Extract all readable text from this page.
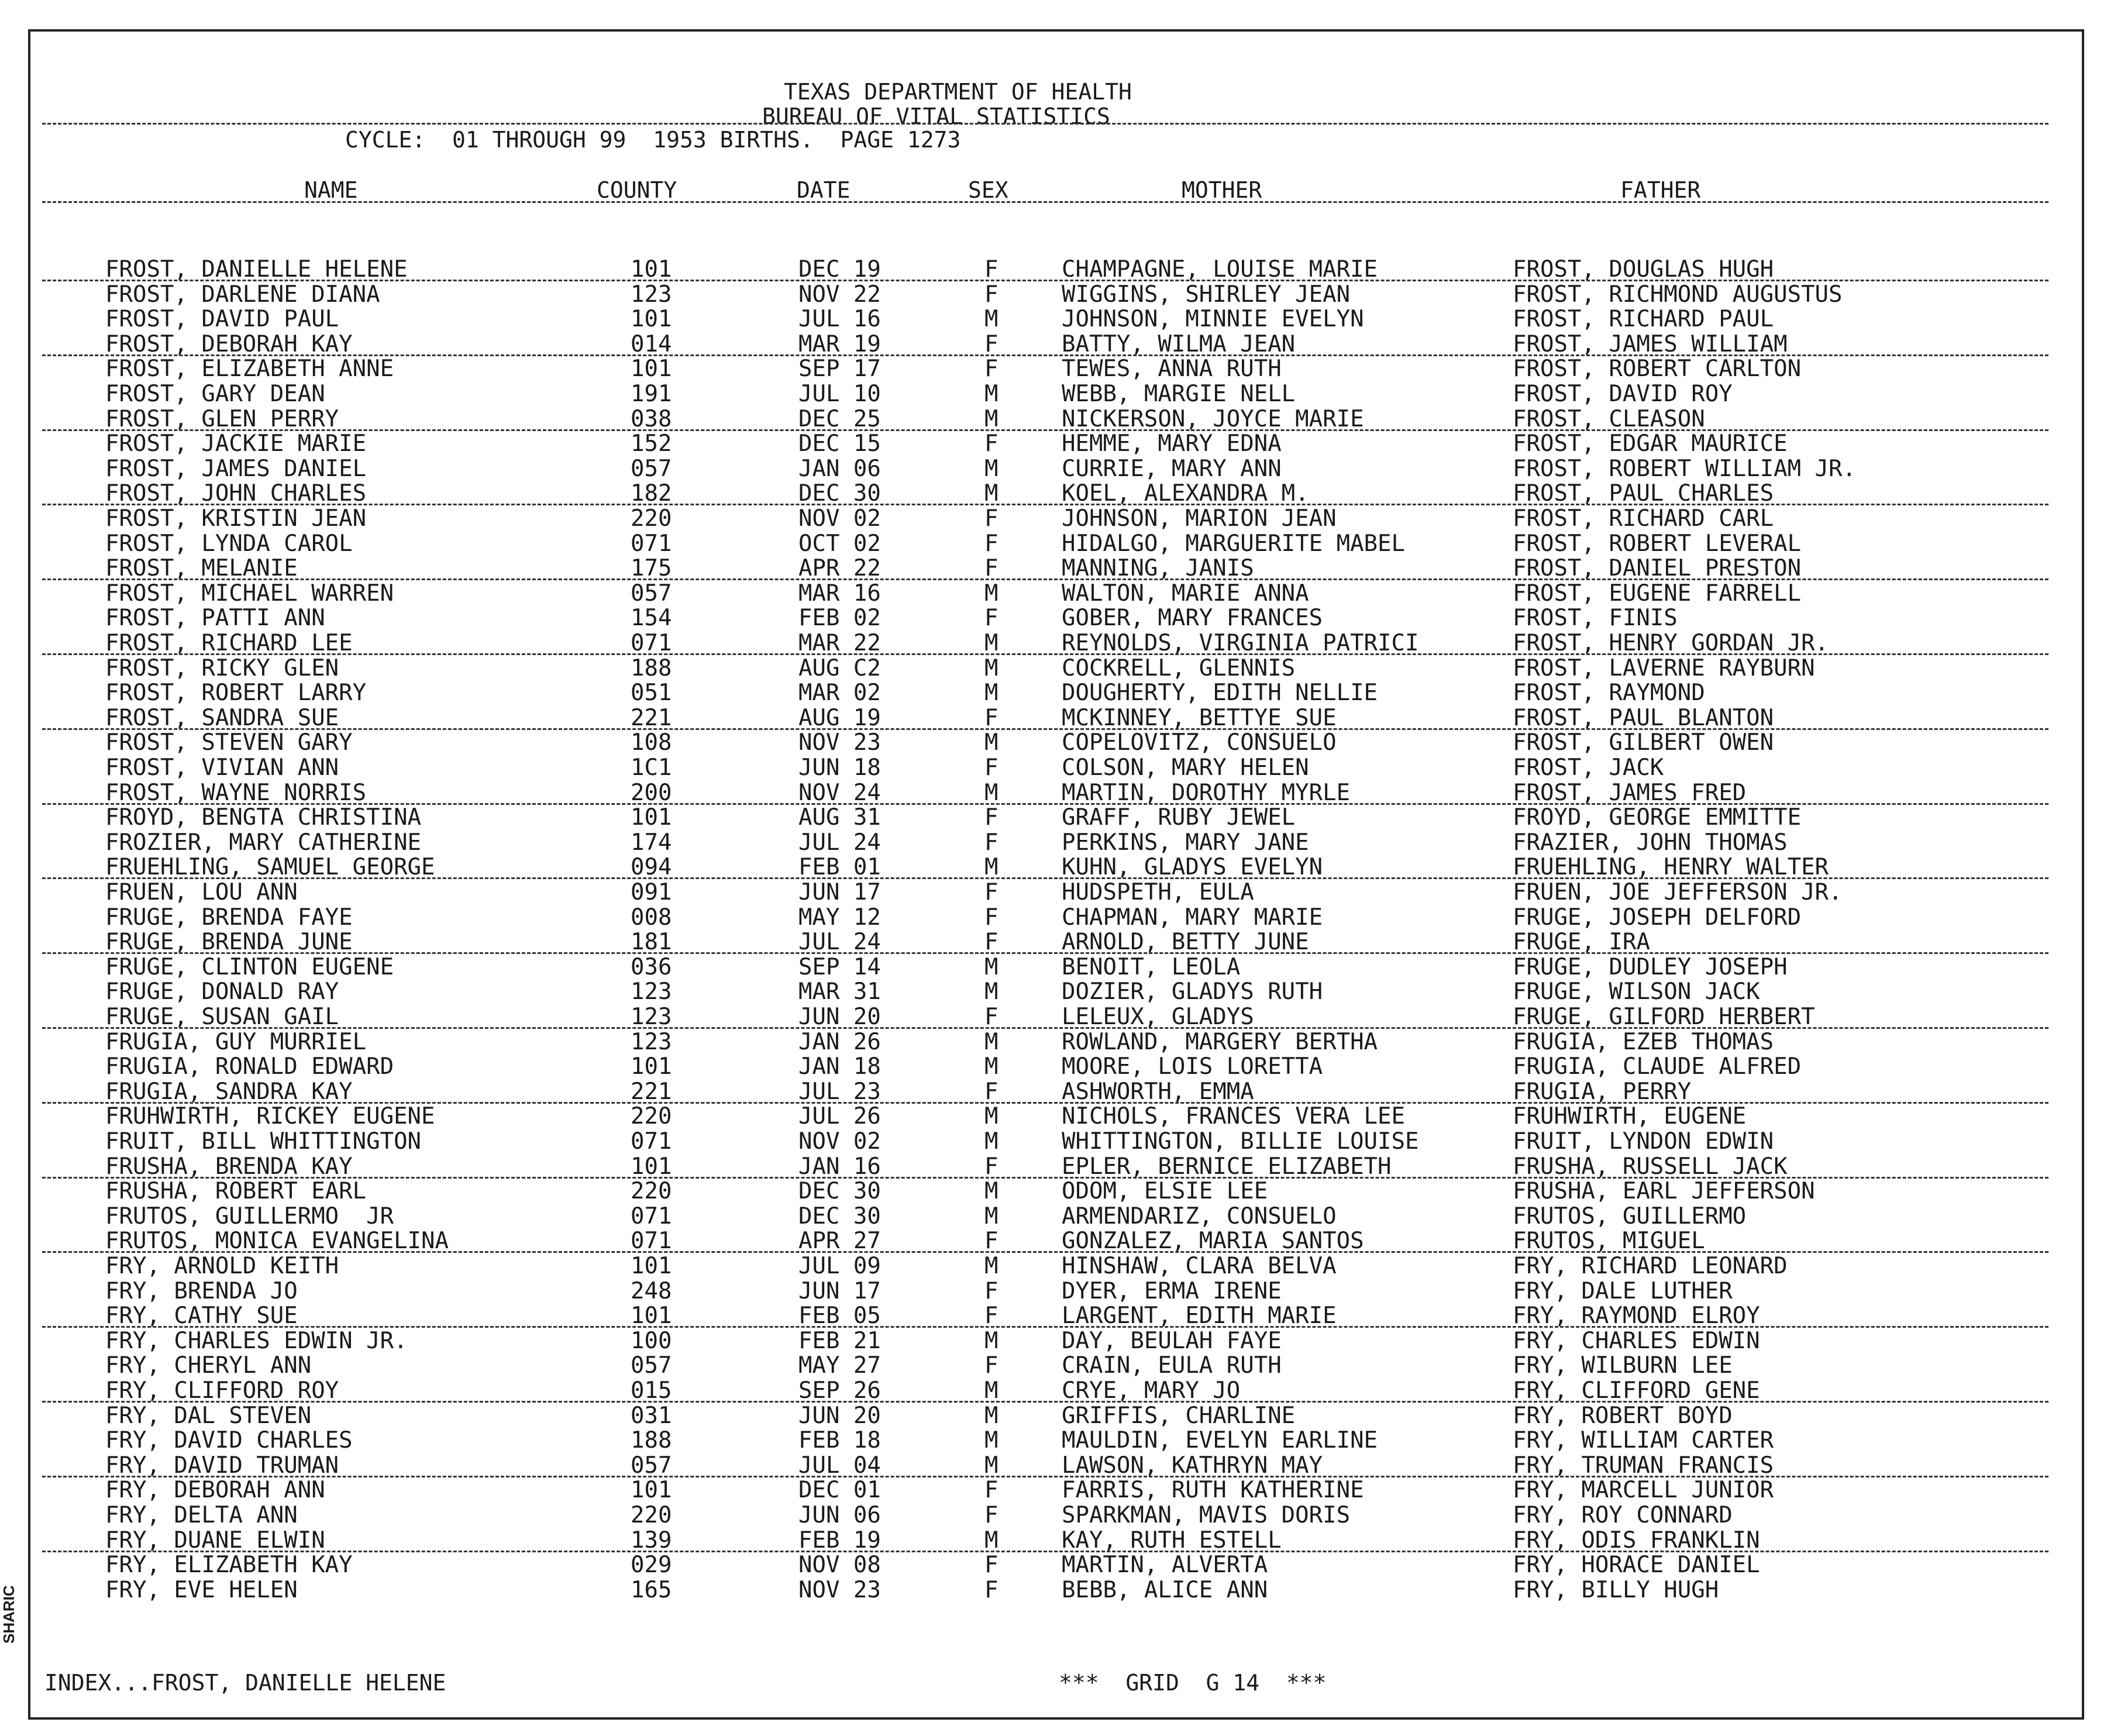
TEXAS DEPARTMENT OF HEALTH
BUREAU OF VITAL STATISTICS
CYCLE:  01 THROUGH 99  1953 BIRTHS.  PAGE 1273
NAME	COUNTY	DATE	SEX	MOTHER	FATHER
FROST, DANIELLE HELENE	101	DEC 19	F	CHAMPAGNE, LOUISE MARIE	FROST, DOUGLAS HUGH
FROST, DARLENE DIANA	123	NOV 22	F	WIGGINS, SHIRLEY JEAN	FROST, RICHMOND AUGUSTUS
FROST, DAVID PAUL	101	JUL 16	M	JOHNSON, MINNIE EVELYN	FROST, RICHARD PAUL
FROST, DEBORAH KAY	014	MAR 19	F	BATTY, WILMA JEAN	FROST, JAMES WILLIAM
FROST, ELIZABETH ANNE	101	SEP 17	F	TEWES, ANNA RUTH	FROST, ROBERT CARLTON
FROST, GARY DEAN	191	JUL 10	M	WEBB, MARGIE NELL	FROST, DAVID ROY
FROST, GLEN PERRY	038	DEC 25	M	NICKERSON, JOYCE MARIE	FROST, CLEASON
FROST, JACKIE MARIE	152	DEC 15	F	HEMME, MARY EDNA	FROST, EDGAR MAURICE
FROST, JAMES DANIEL	057	JAN 06	M	CURRIE, MARY ANN	FROST, ROBERT WILLIAM JR.
FROST, JOHN CHARLES	182	DEC 30	M	KOEL, ALEXANDRA M.	FROST, PAUL CHARLES
FROST, KRISTIN JEAN	220	NOV 02	F	JOHNSON, MARION JEAN	FROST, RICHARD CARL
FROST, LYNDA CAROL	071	OCT 02	F	HIDALGO, MARGUERITE MABEL	FROST, ROBERT LEVERAL
FROST, MELANIE	175	APR 22	F	MANNING, JANIS	FROST, DANIEL PRESTON
FROST, MICHAEL WARREN	057	MAR 16	M	WALTON, MARIE ANNA	FROST, EUGENE FARRELL
FROST, PATTI ANN	154	FEB 02	F	GOBER, MARY FRANCES	FROST, FINIS
FROST, RICHARD LEE	071	MAR 22	M	REYNOLDS, VIRGINIA PATRICI	FROST, HENRY GORDAN JR.
FROST, RICKY GLEN	188	AUG C2	M	COCKRELL, GLENNIS	FROST, LAVERNE RAYBURN
FROST, ROBERT LARRY	051	MAR 02	M	DOUGHERTY, EDITH NELLIE	FROST, RAYMOND
FROST, SANDRA SUE	221	AUG 19	F	MCKINNEY, BETTYE SUE	FROST, PAUL BLANTON
FROST, STEVEN GARY	108	NOV 23	M	COPELOVITZ, CONSUELO	FROST, GILBERT OWEN
FROST, VIVIAN ANN	1C1	JUN 18	F	COLSON, MARY HELEN	FROST, JACK
FROST, WAYNE NORRIS	200	NOV 24	M	MARTIN, DOROTHY MYRLE	FROST, JAMES FRED
FROYD, BENGTA CHRISTINA	101	AUG 31	F	GRAFF, RUBY JEWEL	FROYD, GEORGE EMMITTE
FROZIER, MARY CATHERINE	174	JUL 24	F	PERKINS, MARY JANE	FRAZIER, JOHN THOMAS
FRUEHLING, SAMUEL GEORGE	094	FEB 01	M	KUHN, GLADYS EVELYN	FRUEHLING, HENRY WALTER
FRUEN, LOU ANN	091	JUN 17	F	HUDSPETH, EULA	FRUEN, JOE JEFFERSON JR.
FRUGE, BRENDA FAYE	008	MAY 12	F	CHAPMAN, MARY MARIE	FRUGE, JOSEPH DELFORD
FRUGE, BRENDA JUNE	181	JUL 24	F	ARNOLD, BETTY JUNE	FRUGE, IRA
FRUGE, CLINTON EUGENE	036	SEP 14	M	BENOIT, LEOLA	FRUGE, DUDLEY JOSEPH
FRUGE, DONALD RAY	123	MAR 31	M	DOZIER, GLADYS RUTH	FRUGE, WILSON JACK
FRUGE, SUSAN GAIL	123	JUN 20	F	LELEUX, GLADYS	FRUGE, GILFORD HERBERT
FRUGIA, GUY MURRIEL	123	JAN 26	M	ROWLAND, MARGERY BERTHA	FRUGIA, EZEB THOMAS
FRUGIA, RONALD EDWARD	101	JAN 18	M	MOORE, LOIS LORETTA	FRUGIA, CLAUDE ALFRED
FRUGIA, SANDRA KAY	221	JUL 23	F	ASHWORTH, EMMA	FRUGIA, PERRY
FRUHWIRTH, RICKEY EUGENE	220	JUL 26	M	NICHOLS, FRANCES VERA LEE	FRUHWIRTH, EUGENE
FRUIT, BILL WHITTINGTON	071	NOV 02	M	WHITTINGTON, BILLIE LOUISE	FRUIT, LYNDON EDWIN
FRUSHA, BRENDA KAY	101	JAN 16	F	EPLER, BERNICE ELIZABETH	FRUSHA, RUSSELL JACK
FRUSHA, ROBERT EARL	220	DEC 30	M	ODOM, ELSIE LEE	FRUSHA, EARL JEFFERSON
FRUTOS, GUILLERMO  JR	071	DEC 30	M	ARMENDARIZ, CONSUELO	FRUTOS, GUILLERMO
FRUTOS, MONICA EVANGELINA	071	APR 27	F	GONZALEZ, MARIA SANTOS	FRUTOS, MIGUEL
FRY, ARNOLD KEITH	101	JUL 09	M	HINSHAW, CLARA BELVA	FRY, RICHARD LEONARD
FRY, BRENDA JO	248	JUN 17	F	DYER, ERMA IRENE	FRY, DALE LUTHER
FRY, CATHY SUE	101	FEB 05	F	LARGENT, EDITH MARIE	FRY, RAYMOND ELROY
FRY, CHARLES EDWIN JR.	100	FEB 21	M	DAY, BEULAH FAYE	FRY, CHARLES EDWIN
FRY, CHERYL ANN	057	MAY 27	F	CRAIN, EULA RUTH	FRY, WILBURN LEE
FRY, CLIFFORD ROY	015	SEP 26	M	CRYE, MARY JO	FRY, CLIFFORD GENE
FRY, DAL STEVEN	031	JUN 20	M	GRIFFIS, CHARLINE	FRY, ROBERT BOYD
FRY, DAVID CHARLES	188	FEB 18	M	MAULDIN, EVELYN EARLINE	FRY, WILLIAM CARTER
FRY, DAVID TRUMAN	057	JUL 04	M	LAWSON, KATHRYN MAY	FRY, TRUMAN FRANCIS
FRY, DEBORAH ANN	101	DEC 01	F	FARRIS, RUTH KATHERINE	FRY, MARCELL JUNIOR
FRY, DELTA ANN	220	JUN 06	F	SPARKMAN, MAVIS DORIS	FRY, ROY CONNARD
FRY, DUANE ELWIN	139	FEB 19	M	KAY, RUTH ESTELL	FRY, ODIS FRANKLIN
FRY, ELIZABETH KAY	029	NOV 08	F	MARTIN, ALVERTA	FRY, HORACE DANIEL
FRY, EVE HELEN	165	NOV 23	F	BEBB, ALICE ANN	FRY, BILLY HUGH
INDEX...FROST, DANIELLE HELENE	***  GRID  G 14  ***
SHARIC
